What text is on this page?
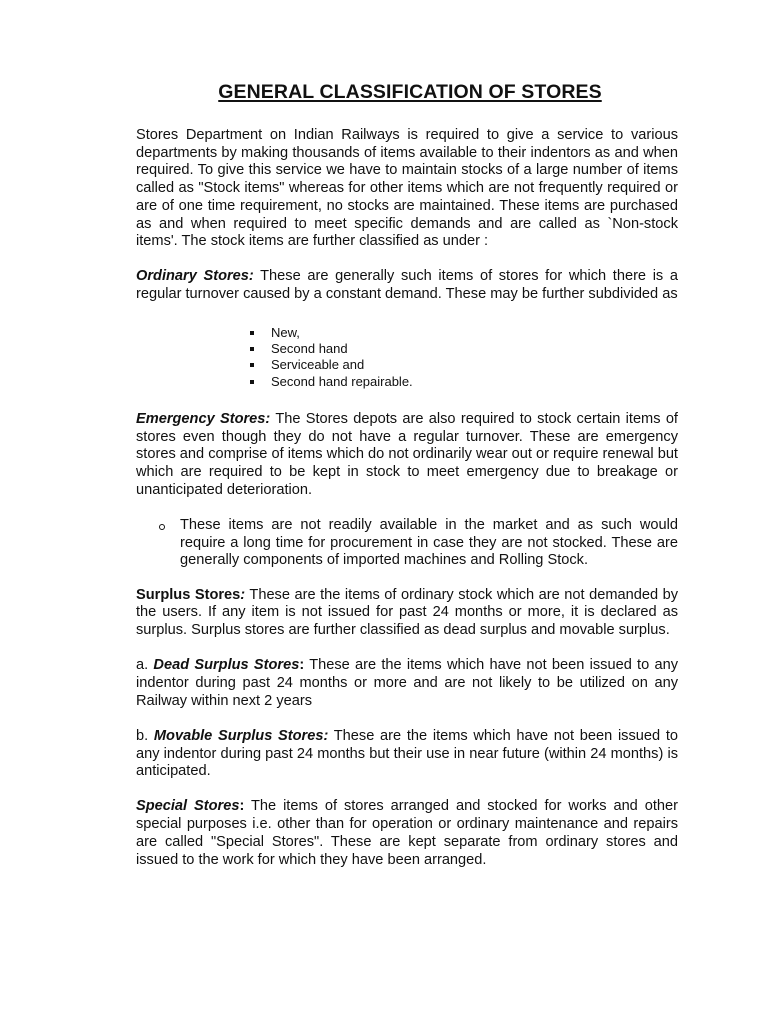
GENERAL CLASSIFICATION OF STORES

Stores Department on Indian Railways is required to give a service to various departments by making thousands of items available to their indentors as and when required. To give this service we have to maintain stocks of a large number of items called as "Stock items" whereas for other items which are not frequently required or are of one time requirement, no stocks are maintained. These items are purchased as and when required to meet specific demands and are called as `Non-stock items'. The stock items are further classified as under :

Ordinary Stores: These are generally such items of stores for which there is a regular turnover caused by a constant demand. These may be further subdivided as

New,
Second hand
Serviceable and
Second hand repairable.

Emergency Stores: The Stores depots are also required to stock certain items of stores even though they do not have a regular turnover. These are emergency stores and comprise of items which do not ordinarily wear out or require renewal but which are required to be kept in stock to meet emergency due to breakage or unanticipated deterioration.

These items are not readily available in the market and as such would require a long time for procurement in case they are not stocked. These are generally components of imported machines and Rolling Stock.

Surplus Stores: These are the items of ordinary stock which are not demanded by the users. If any item is not issued for past 24 months or more, it is declared as surplus. Surplus stores are further classified as dead surplus and movable surplus.

a. Dead Surplus Stores: These are the items which have not been issued to any indentor during past 24 months or more and are not likely to be utilized on any Railway within next 2 years

b. Movable Surplus Stores: These are the items which have not been issued to any indentor during past 24 months but their use in near future (within 24 months) is anticipated.

Special Stores: The items of stores arranged and stocked for works and other special purposes i.e. other than for operation or ordinary maintenance and repairs are called "Special Stores". These are kept separate from ordinary stores and issued to the work for which they have been arranged.
